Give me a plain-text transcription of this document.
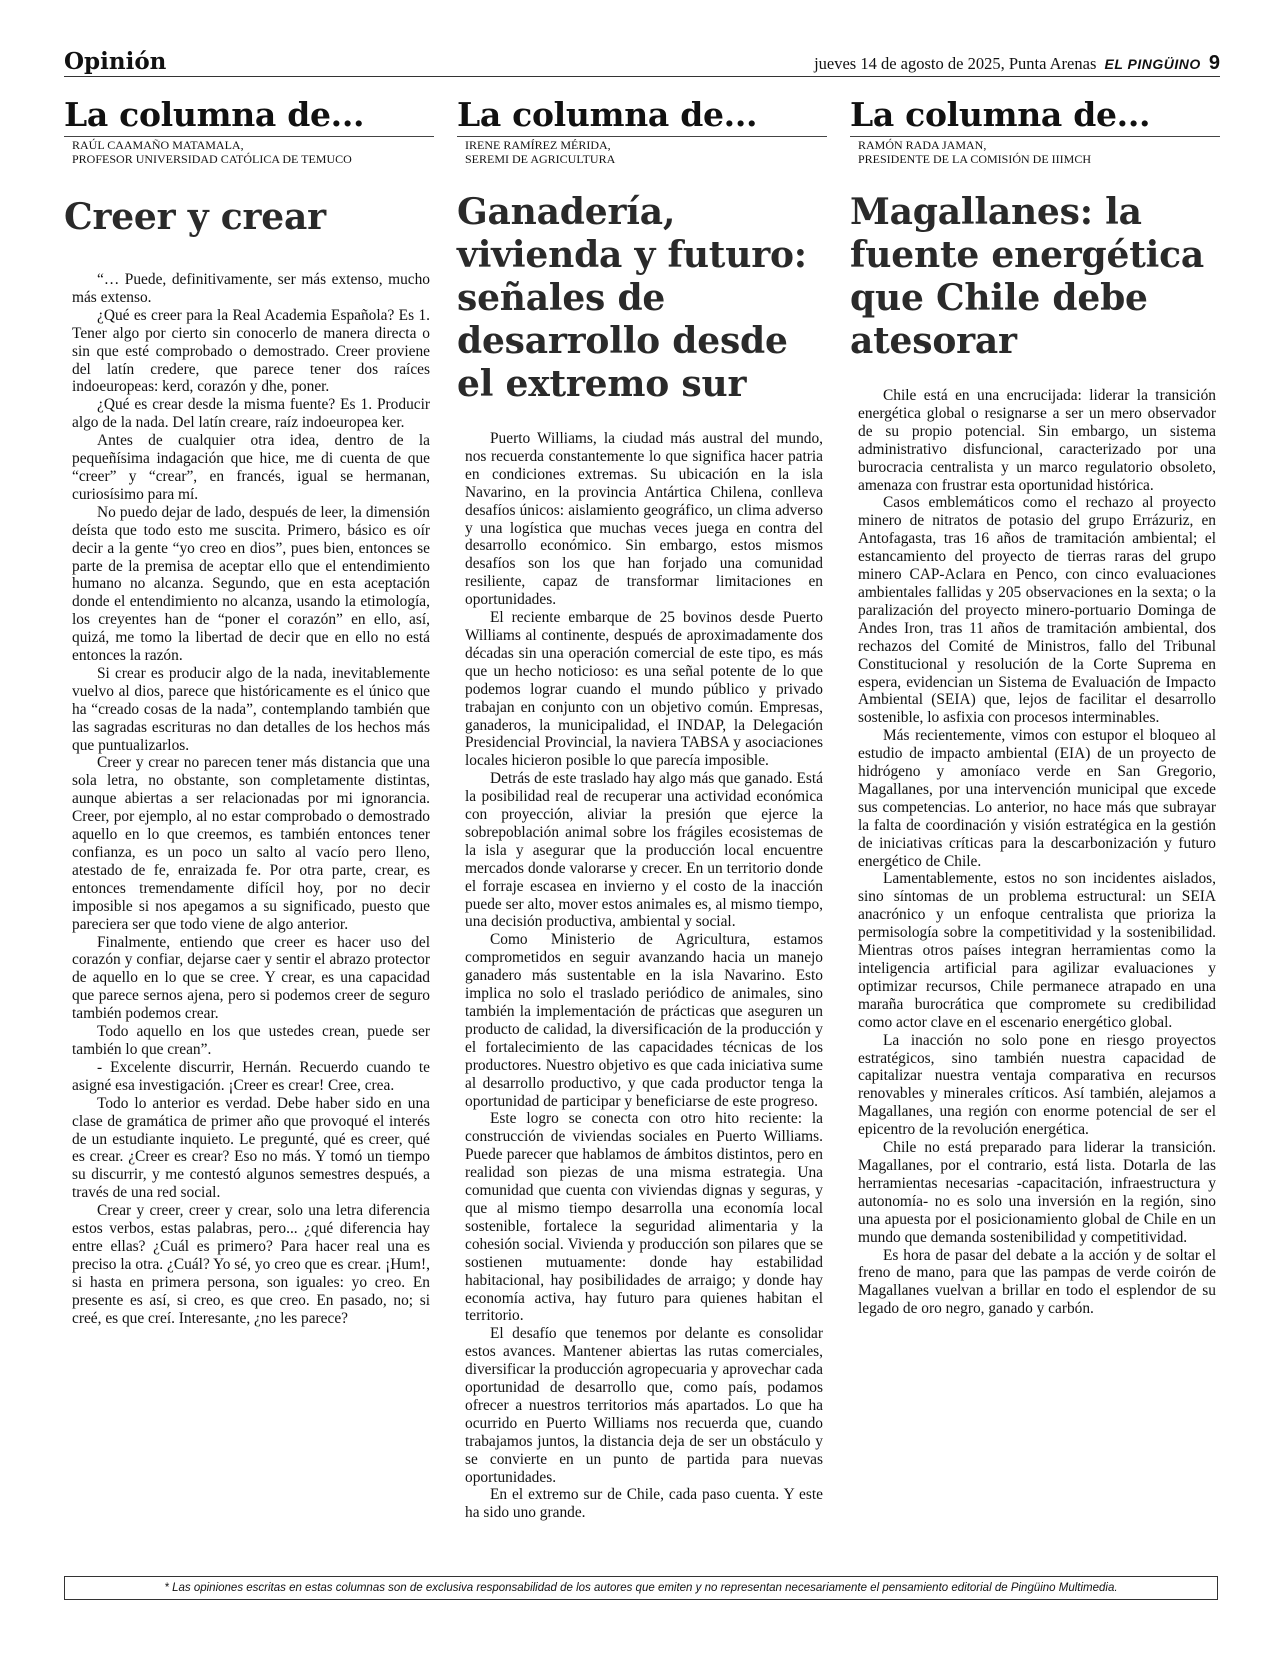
Opinión	jueves 14 de agosto de 2025, Punta Arenas EL PINGÜINO 9
La columna de...
RAÚL CAAMAÑO MATAMALA,
PROFESOR UNIVERSIDAD CATÓLICA DE TEMUCO
Creer y crear

“… Puede, definitivamente, ser más extenso, mucho más extenso.

¿Qué es creer para la Real Academia Española? Es 1. Tener algo por cierto sin conocerlo de manera directa o sin que esté comprobado o demostrado. Creer proviene del latín credere, que parece tener dos raíces indoeuropeas: kerd, corazón y dhe, poner.

¿Qué es crear desde la misma fuente? Es 1. Producir algo de la nada. Del latín creare, raíz indoeuropea ker.

Antes de cualquier otra idea, dentro de la pequeñísima indagación que hice, me di cuenta de que “creer” y “crear”, en francés, igual se hermanan, curiosísimo para mí.

No puedo dejar de lado, después de leer, la dimensión deísta que todo esto me suscita. Primero, básico es oír decir a la gente “yo creo en dios”, pues bien, entonces se parte de la premisa de aceptar ello que el entendimiento humano no alcanza. Segundo, que en esta aceptación donde el entendimiento no alcanza, usando la etimología, los creyentes han de “poner el corazón” en ello, así, quizá, me tomo la libertad de decir que en ello no está entonces la razón.

Si crear es producir algo de la nada, inevitablemente vuelvo al dios, parece que históricamente es el único que ha “creado cosas de la nada”, contemplando también que las sagradas escrituras no dan detalles de los hechos más que puntualizarlos.

Creer y crear no parecen tener más distancia que una sola letra, no obstante, son completamente distintas, aunque abiertas a ser relacionadas por mi ignorancia. Creer, por ejemplo, al no estar comprobado o demostrado aquello en lo que creemos, es también entonces tener confianza, es un poco un salto al vacío pero lleno, atestado de fe, enraizada fe. Por otra parte, crear, es entonces tremendamente difícil hoy, por no decir imposible si nos apegamos a su significado, puesto que pareciera ser que todo viene de algo anterior.

Finalmente, entiendo que creer es hacer uso del corazón y confiar, dejarse caer y sentir el abrazo protector de aquello en lo que se cree. Y crear, es una capacidad que parece sernos ajena, pero si podemos creer de seguro también podemos crear.

Todo aquello en los que ustedes crean, puede ser también lo que crean”.

- Excelente discurrir, Hernán. Recuerdo cuando te asigné esa investigación. ¡Creer es crear! Cree, crea.

Todo lo anterior es verdad. Debe haber sido en una clase de gramática de primer año que provoqué el interés de un estudiante inquieto. Le pregunté, qué es creer, qué es crear. ¿Creer es crear? Eso no más. Y tomó un tiempo su discurrir, y me contestó algunos semestres después, a través de una red social.

Crear y creer, creer y crear, solo una letra diferencia estos verbos, estas palabras, pero... ¿qué diferencia hay entre ellas? ¿Cuál es primero? Para hacer real una es preciso la otra. ¿Cuál? Yo sé, yo creo que es crear. ¡Hum!, si hasta en primera persona, son iguales: yo creo. En presente es así, si creo, es que creo. En pasado, no; si creé, es que creí. Interesante, ¿no les parece?

La columna de...
IRENE RAMÍREZ MÉRIDA,
SEREMI DE AGRICULTURA
Ganadería, vivienda y futuro: señales de desarrollo desde el extremo sur

Puerto Williams, la ciudad más austral del mundo, nos recuerda constantemente lo que significa hacer patria en condiciones extremas. Su ubicación en la isla Navarino, en la provincia Antártica Chilena, conlleva desafíos únicos: aislamiento geográfico, un clima adverso y una logística que muchas veces juega en contra del desarrollo económico. Sin embargo, estos mismos desafíos son los que han forjado una comunidad resiliente, capaz de transformar limitaciones en oportunidades.

El reciente embarque de 25 bovinos desde Puerto Williams al continente, después de aproximadamente dos décadas sin una operación comercial de este tipo, es más que un hecho noticioso: es una señal potente de lo que podemos lograr cuando el mundo público y privado trabajan en conjunto con un objetivo común. Empresas, ganaderos, la municipalidad, el INDAP, la Delegación Presidencial Provincial, la naviera TABSA y asociaciones locales hicieron posible lo que parecía imposible.

Detrás de este traslado hay algo más que ganado. Está la posibilidad real de recuperar una actividad económica con proyección, aliviar la presión que ejerce la sobrepoblación animal sobre los frágiles ecosistemas de la isla y asegurar que la producción local encuentre mercados donde valorarse y crecer. En un territorio donde el forraje escasea en invierno y el costo de la inacción puede ser alto, mover estos animales es, al mismo tiempo, una decisión productiva, ambiental y social.

Como Ministerio de Agricultura, estamos comprometidos en seguir avanzando hacia un manejo ganadero más sustentable en la isla Navarino. Esto implica no solo el traslado periódico de animales, sino también la implementación de prácticas que aseguren un producto de calidad, la diversificación de la producción y el fortalecimiento de las capacidades técnicas de los productores. Nuestro objetivo es que cada iniciativa sume al desarrollo productivo, y que cada productor tenga la oportunidad de participar y beneficiarse de este progreso.

Este logro se conecta con otro hito reciente: la construcción de viviendas sociales en Puerto Williams. Puede parecer que hablamos de ámbitos distintos, pero en realidad son piezas de una misma estrategia. Una comunidad que cuenta con viviendas dignas y seguras, y que al mismo tiempo desarrolla una economía local sostenible, fortalece la seguridad alimentaria y la cohesión social. Vivienda y producción son pilares que se sostienen mutuamente: donde hay estabilidad habitacional, hay posibilidades de arraigo; y donde hay economía activa, hay futuro para quienes habitan el territorio.

El desafío que tenemos por delante es consolidar estos avances. Mantener abiertas las rutas comerciales, diversificar la producción agropecuaria y aprovechar cada oportunidad de desarrollo que, como país, podamos ofrecer a nuestros territorios más apartados. Lo que ha ocurrido en Puerto Williams nos recuerda que, cuando trabajamos juntos, la distancia deja de ser un obstáculo y se convierte en un punto de partida para nuevas oportunidades.

En el extremo sur de Chile, cada paso cuenta. Y este ha sido uno grande.

La columna de...
RAMÓN RADA JAMAN,
PRESIDENTE DE LA COMISIÓN DE IIIMCH
Magallanes: la fuente energética que Chile debe atesorar

Chile está en una encrucijada: liderar la transición energética global o resignarse a ser un mero observador de su propio potencial. Sin embargo, un sistema administrativo disfuncional, caracterizado por una burocracia centralista y un marco regulatorio obsoleto, amenaza con frustrar esta oportunidad histórica.

Casos emblemáticos como el rechazo al proyecto minero de nitratos de potasio del grupo Errázuriz, en Antofagasta, tras 16 años de tramitación ambiental; el estancamiento del proyecto de tierras raras del grupo minero CAP-Aclara en Penco, con cinco evaluaciones ambientales fallidas y 205 observaciones en la sexta; o la paralización del proyecto minero-portuario Dominga de Andes Iron, tras 11 años de tramitación ambiental, dos rechazos del Comité de Ministros, fallo del Tribunal Constitucional y resolución de la Corte Suprema en espera, evidencian un Sistema de Evaluación de Impacto Ambiental (SEIA) que, lejos de facilitar el desarrollo sostenible, lo asfixia con procesos interminables.

Más recientemente, vimos con estupor el bloqueo al estudio de impacto ambiental (EIA) de un proyecto de hidrógeno y amoníaco verde en San Gregorio, Magallanes, por una intervención municipal que excede sus competencias. Lo anterior, no hace más que subrayar la falta de coordinación y visión estratégica en la gestión de iniciativas críticas para la descarbonización y futuro energético de Chile.

Lamentablemente, estos no son incidentes aislados, sino síntomas de un problema estructural: un SEIA anacrónico y un enfoque centralista que prioriza la permisología sobre la competitividad y la sostenibilidad. Mientras otros países integran herramientas como la inteligencia artificial para agilizar evaluaciones y optimizar recursos, Chile permanece atrapado en una maraña burocrática que compromete su credibilidad como actor clave en el escenario energético global.

La inacción no solo pone en riesgo proyectos estratégicos, sino también nuestra capacidad de capitalizar nuestra ventaja comparativa en recursos renovables y minerales críticos. Así también, alejamos a Magallanes, una región con enorme potencial de ser el epicentro de la revolución energética.

Chile no está preparado para liderar la transición. Magallanes, por el contrario, está lista. Dotarla de las herramientas necesarias -capacitación, infraestructura y autonomía- no es solo una inversión en la región, sino una apuesta por el posicionamiento global de Chile en un mundo que demanda sostenibilidad y competitividad.

Es hora de pasar del debate a la acción y de soltar el freno de mano, para que las pampas de verde coirón de Magallanes vuelvan a brillar en todo el esplendor de su legado de oro negro, ganado y carbón.

* Las opiniones escritas en estas columnas son de exclusiva responsabilidad de los autores que emiten y no representan necesariamente el pensamiento editorial de Pingüino Multimedia.
